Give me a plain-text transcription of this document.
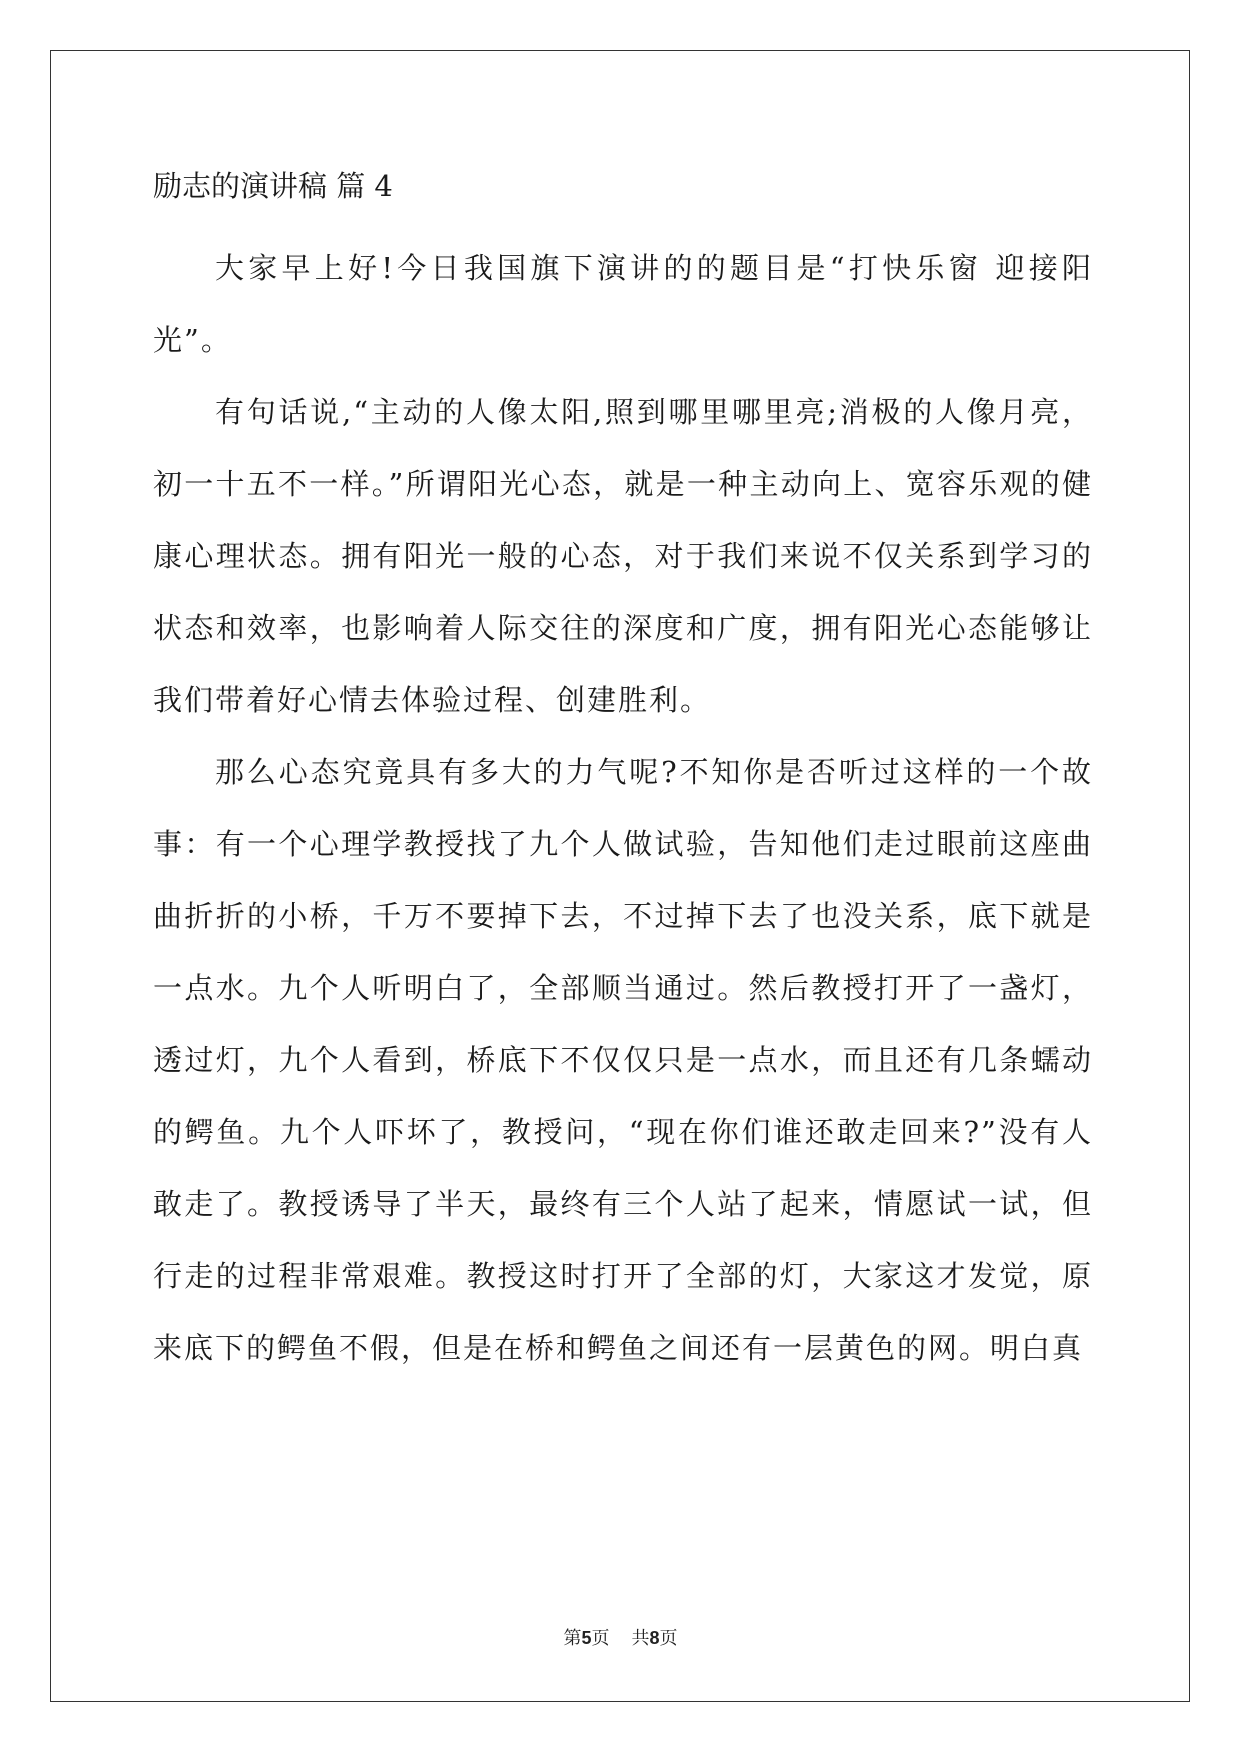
励志的演讲稿 篇 4

大家早上好!今日我国旗下演讲的的题目是“打快乐窗 迎接阳光”。

有句话说,“主动的人像太阳,照到哪里哪里亮;消极的人像月亮，初一十五不一样。”所谓阳光心态，就是一种主动向上、宽容乐观的健康心理状态。拥有阳光一般的心态，对于我们来说不仅关系到学习的状态和效率，也影响着人际交往的深度和广度，拥有阳光心态能够让我们带着好心情去体验过程、创建胜利。

那么心态究竟具有多大的力气呢?不知你是否听过这样的一个故事：有一个心理学教授找了九个人做试验，告知他们走过眼前这座曲曲折折的小桥，千万不要掉下去，不过掉下去了也没关系，底下就是一点水。九个人听明白了，全部顺当通过。然后教授打开了一盏灯，透过灯，九个人看到，桥底下不仅仅只是一点水，而且还有几条蠕动的鳄鱼。九个人吓坏了，教授问，“现在你们谁还敢走回来?”没有人敢走了。教授诱导了半天，最终有三个人站了起来，情愿试一试，但行走的过程非常艰难。教授这时打开了全部的灯，大家这才发觉，原来底下的鳄鱼不假，但是在桥和鳄鱼之间还有一层黄色的网。明白真

第5页 共8页
